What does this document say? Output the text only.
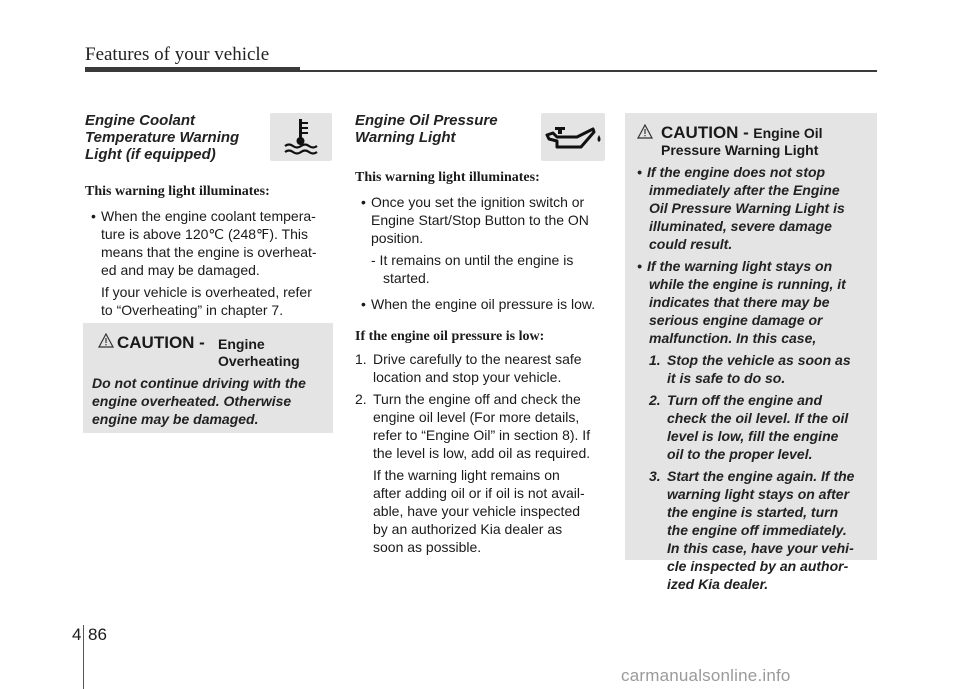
Features of your vehicle
Engine Coolant
Temperature Warning
Light (if equipped)
This warning light illuminates:
• When the engine coolant tempera-
ture is above 120℃ (248℉). This
means that the engine is overheat-
ed and may be damaged.
If your vehicle is overheated, refer
to “Overheating” in chapter 7.
CAUTION - Engine
Overheating
Do not continue driving with the
engine overheated. Otherwise
engine may be damaged.
Engine Oil Pressure
Warning Light
This warning light illuminates:
• Once you set the ignition switch or
Engine Start/Stop Button to the ON
position.
- It remains on until the engine is
started.
• When the engine oil pressure is low.
If the engine oil pressure is low:
1. Drive carefully to the nearest safe
location and stop your vehicle.
2. Turn the engine off and check the
engine oil level (For more details,
refer to “Engine Oil” in section 8). If
the level is low, add oil as required.
If the warning light remains on
after adding oil or if oil is not avail-
able, have your vehicle inspected
by an authorized Kia dealer as
soon as possible.
CAUTION - Engine Oil
Pressure Warning Light
• If the engine does not stop
immediately after the Engine
Oil Pressure Warning Light is
illuminated, severe damage
could result.
• If the warning light stays on
while the engine is running, it
indicates that there may be
serious engine damage or
malfunction. In this case,
1. Stop the vehicle as soon as
it is safe to do so.
2. Turn off the engine and
check the oil level. If the oil
level is low, fill the engine
oil to the proper level.
3. Start the engine again. If the
warning light stays on after
the engine is started, turn
the engine off immediately.
In this case, have your vehi-
cle inspected by an author-
ized Kia dealer.
4 86
carmanualsonline.info
